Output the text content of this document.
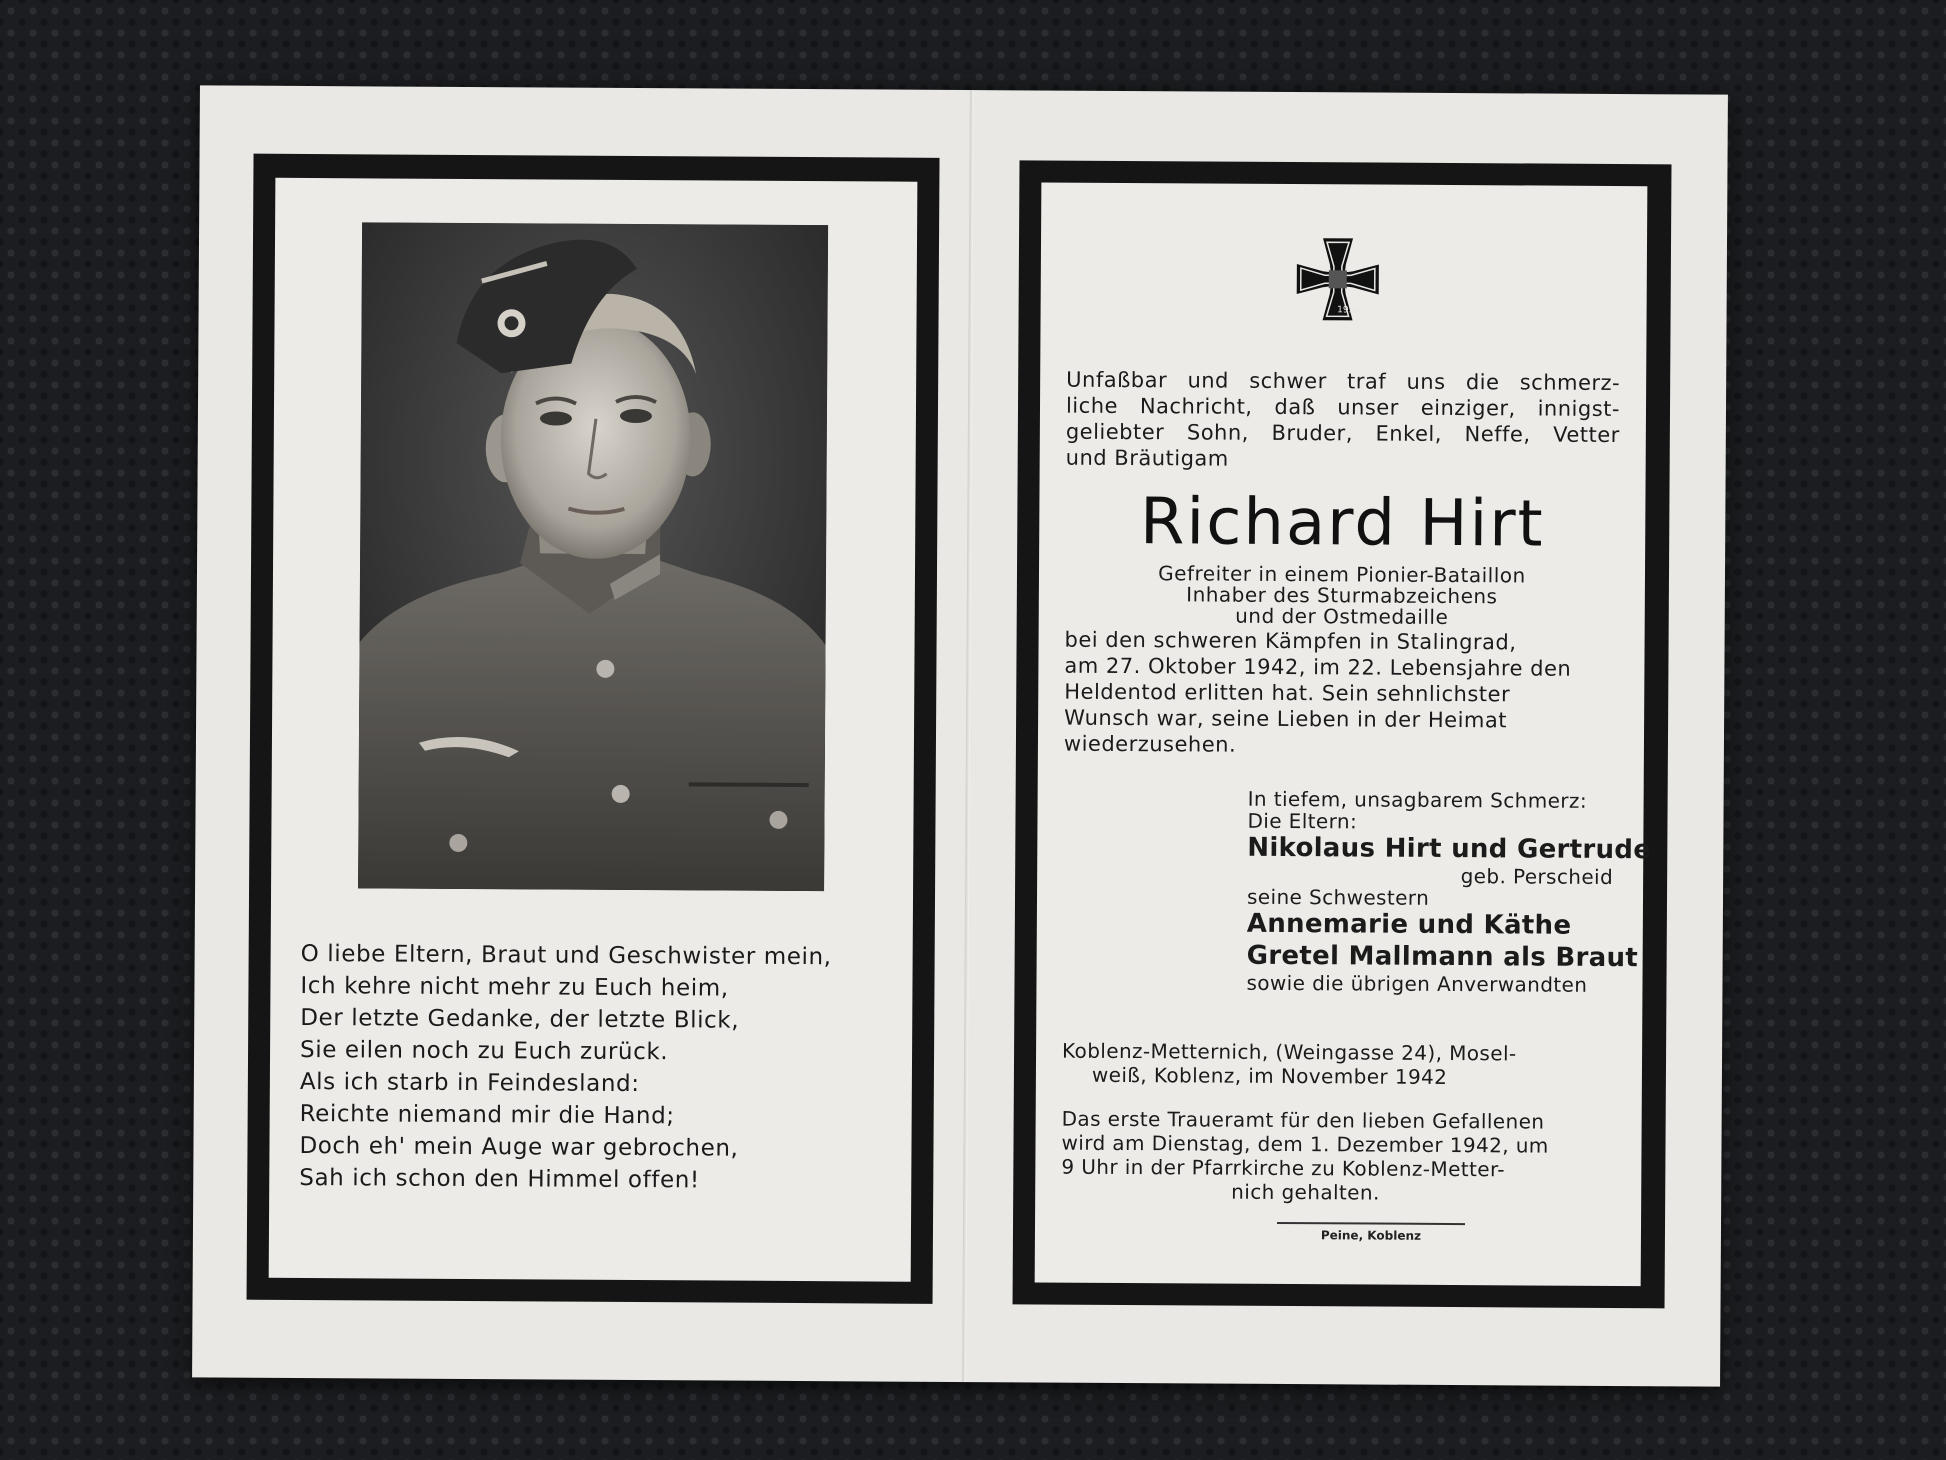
O liebe Eltern, Braut und Geschwister mein,
Ich kehre nicht mehr zu Euch heim,
Der letzte Gedanke, der letzte Blick,
Sie eilen noch zu Euch zurück.
Als ich starb in Feindesland:
Reichte niemand mir die Hand;
Doch eh' mein Auge war gebrochen,
Sah ich schon den Himmel offen!
1939
Unfaßbar und schwer traf uns die schmerz-
liche Nachricht, daß unser einziger, innigst-
geliebter Sohn, Bruder, Enkel, Neffe, Vetter
und Bräutigam
Richard Hirt
Gefreiter in einem Pionier-Bataillon
Inhaber des Sturmabzeichens
und der Ostmedaille
bei den schweren Kämpfen in Stalingrad,
am 27. Oktober 1942, im 22. Lebensjahre den
Heldentod erlitten hat. Sein sehnlichster
Wunsch war, seine Lieben in der Heimat
wiederzusehen.
In tiefem, unsagbarem Schmerz:
Die Eltern:
Nikolaus Hirt und Gertrude
geb. Perscheid
seine Schwestern
Annemarie und Käthe
Gretel Mallmann als Braut
sowie die übrigen Anverwandten
Koblenz-Metternich, (Weingasse 24), Mosel-
weiß, Koblenz, im November 1942
Das erste Traueramt für den lieben Gefallenen
wird am Dienstag, dem 1. Dezember 1942, um
9 Uhr in der Pfarrkirche zu Koblenz-Metter-
nich gehalten.
Peine, Koblenz
